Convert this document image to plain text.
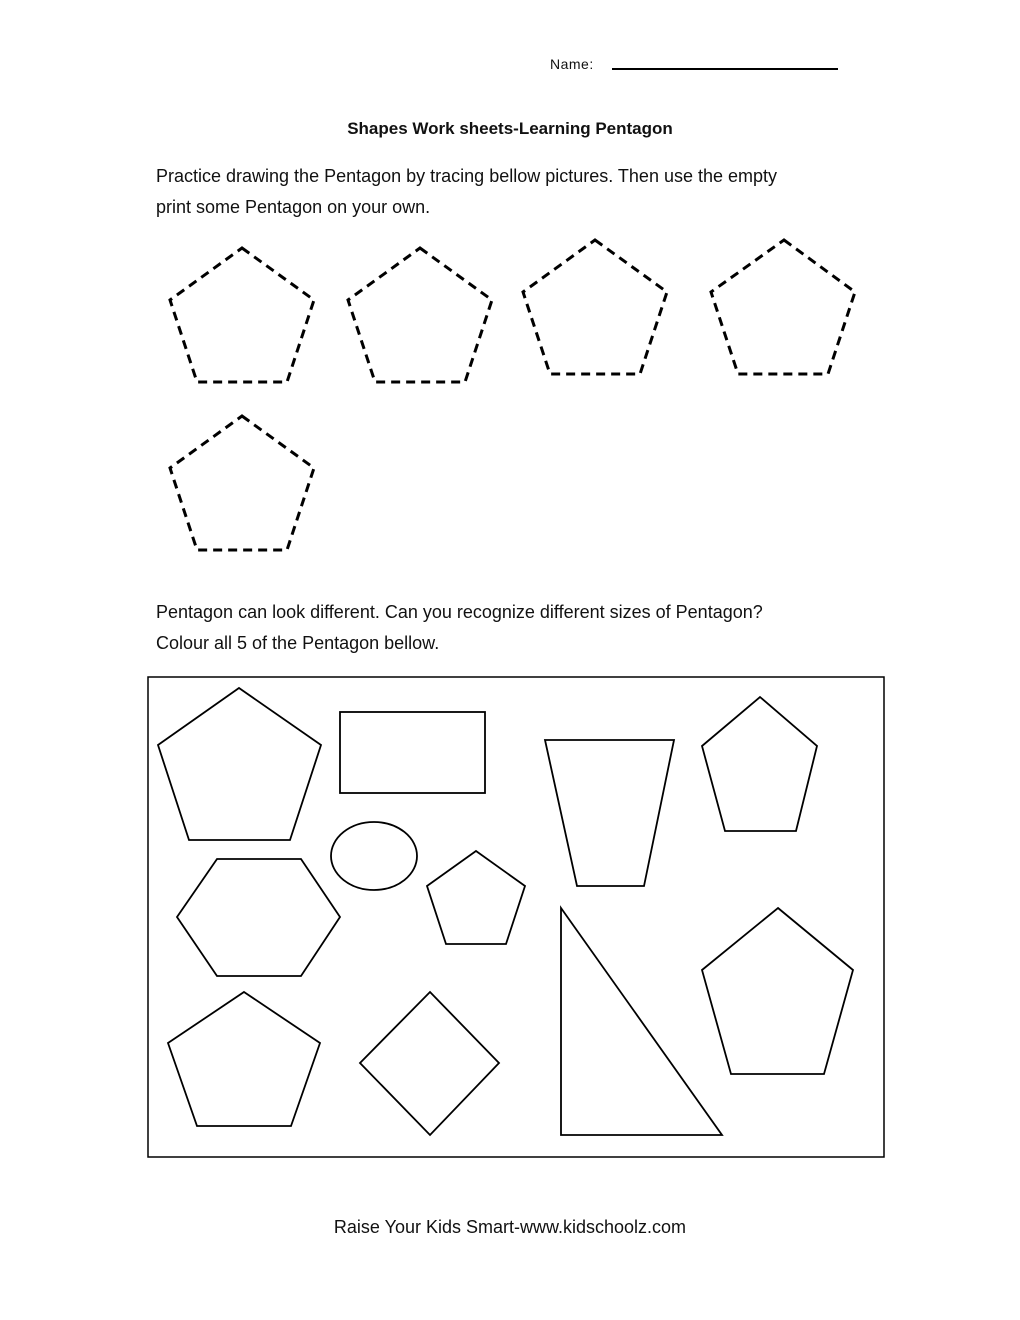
Name:
Shapes Work sheets-Learning Pentagon

Practice drawing the Pentagon by tracing bellow pictures. Then use the empty
print some Pentagon on your own.

Pentagon can look different. Can you recognize different sizes of Pentagon?
Colour all 5 of the Pentagon bellow.

Raise Your Kids Smart-www.kidschoolz.com
